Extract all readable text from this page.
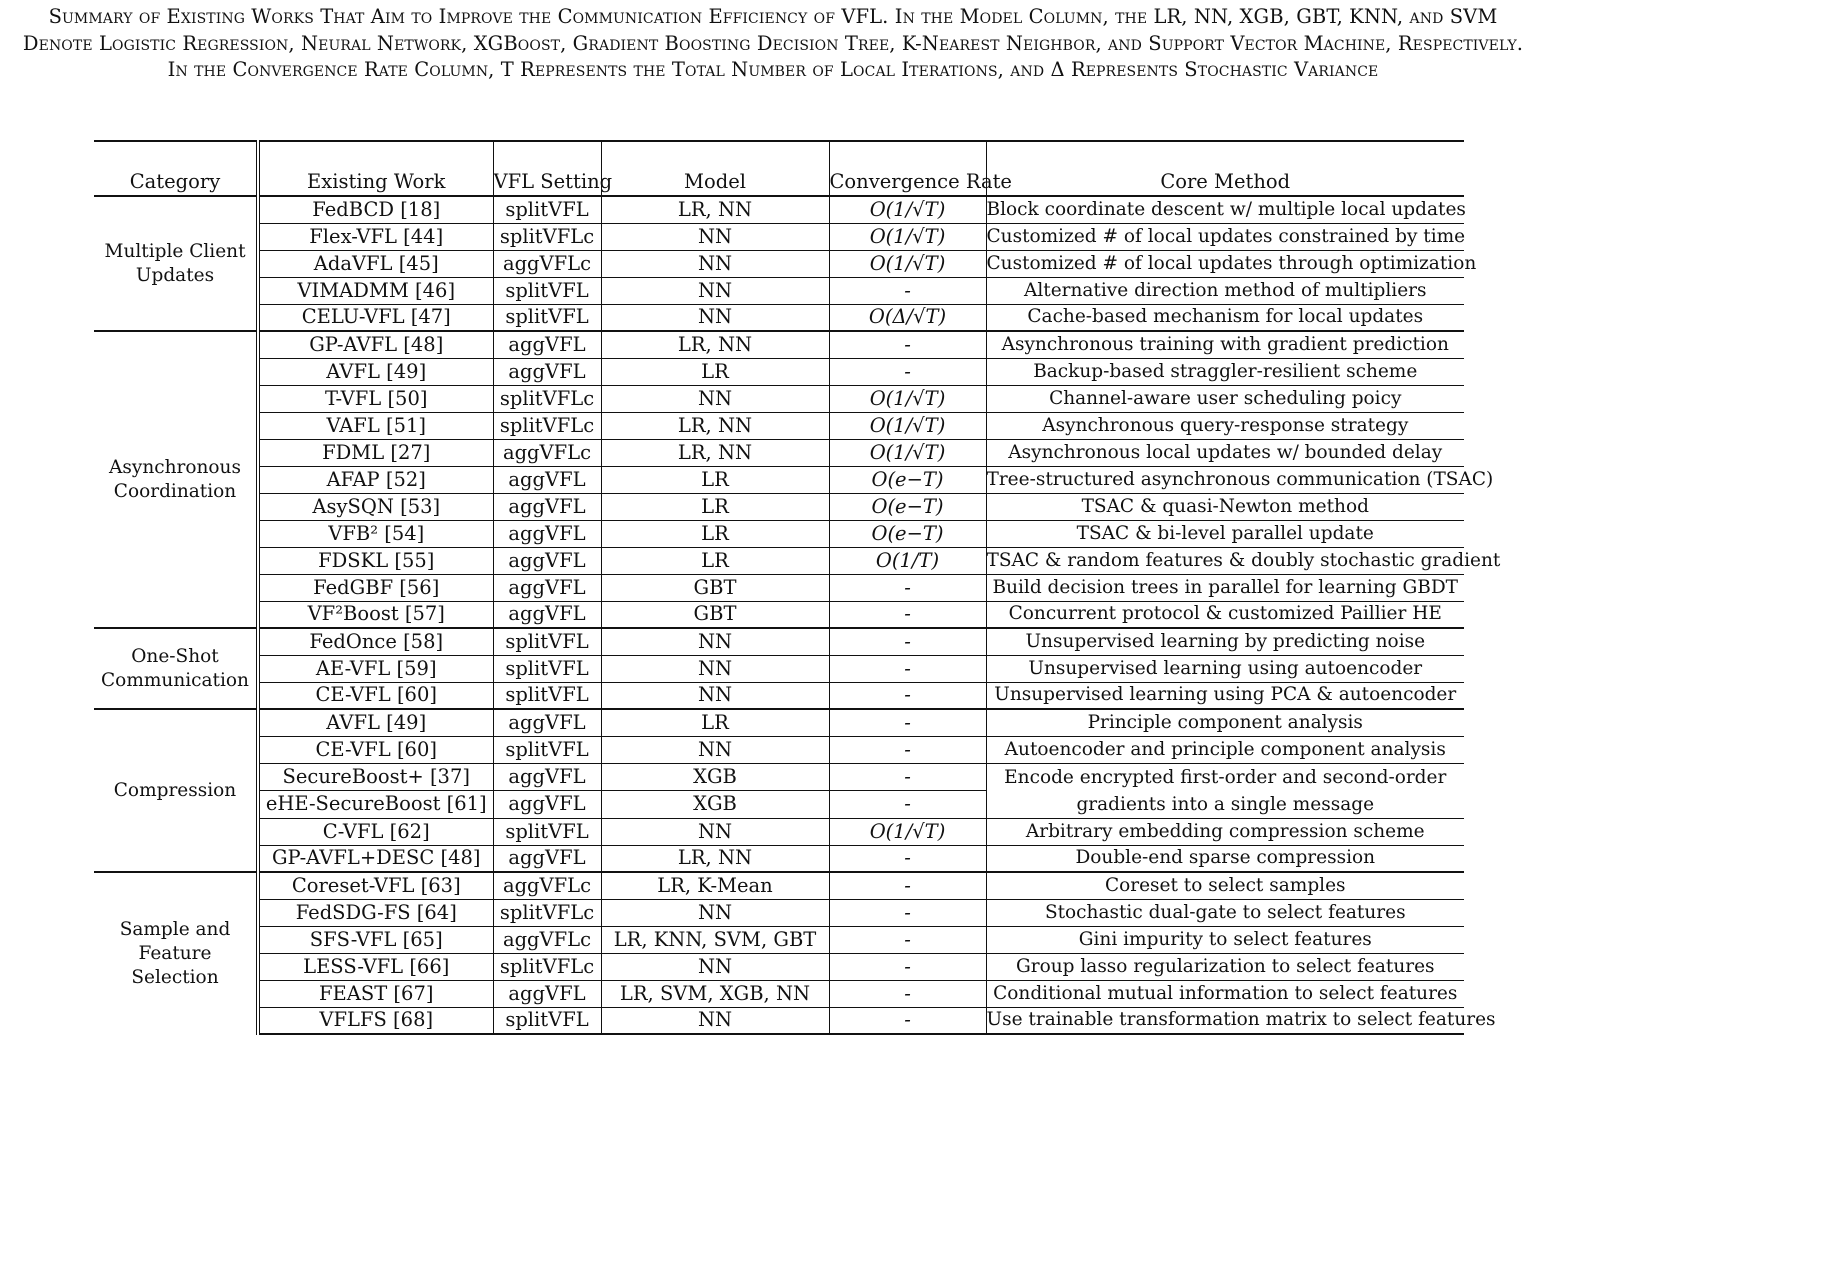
Summary of Existing Works That Aim to Improve the Communication Efficiency of VFL. In the Model Column, the LR, NN, XGB, GBT, KNN, and SVM Denote Logistic Regression, Neural Network, XGBoost, Gradient Boosting Decision Tree, K-Nearest Neighbor, and Support Vector Machine, Respectively. In the Convergence Rate Column, T Represents the Total Number of Local Iterations, and Δ Represents Stochastic Variance
Category	Existing Work	VFL Setting	Model	Convergence Rate	Core Method
Multiple Client Updates	FedBCD [18]	splitVFL	LR, NN	O(1/√T)	Block coordinate descent w/ multiple local updates
	Flex-VFL [44]	splitVFLc	NN	O(1/√T)	Customized # of local updates constrained by time
	AdaVFL [45]	aggVFLc	NN	O(1/√T)	Customized # of local updates through optimization
	VIMADMM [46]	splitVFL	NN	-	Alternative direction method of multipliers
	CELU-VFL [47]	splitVFL	NN	O(Δ/√T)	Cache-based mechanism for local updates
Asynchronous Coordination	GP-AVFL [48]	aggVFL	LR, NN	-	Asynchronous training with gradient prediction
	AVFL [49]	aggVFL	LR	-	Backup-based straggler-resilient scheme
	T-VFL [50]	splitVFLc	NN	O(1/√T)	Channel-aware user scheduling poicy
	VAFL [51]	splitVFLc	LR, NN	O(1/√T)	Asynchronous query-response strategy
	FDML [27]	aggVFLc	LR, NN	O(1/√T)	Asynchronous local updates w/ bounded delay
	AFAP [52]	aggVFL	LR	O(e−T)	Tree-structured asynchronous communication (TSAC)
	AsySQN [53]	aggVFL	LR	O(e−T)	TSAC & quasi-Newton method
	VFB² [54]	aggVFL	LR	O(e−T)	TSAC & bi-level parallel update
	FDSKL [55]	aggVFL	LR	O(1/T)	TSAC & random features & doubly stochastic gradient
	FedGBF [56]	aggVFL	GBT	-	Build decision trees in parallel for learning GBDT
	VF²Boost [57]	aggVFL	GBT	-	Concurrent protocol & customized Paillier HE
One-Shot Communication	FedOnce [58]	splitVFL	NN	-	Unsupervised learning by predicting noise
	AE-VFL [59]	splitVFL	NN	-	Unsupervised learning using autoencoder
	CE-VFL [60]	splitVFL	NN	-	Unsupervised learning using PCA & autoencoder
Compression	AVFL [49]	aggVFL	LR	-	Principle component analysis
	CE-VFL [60]	splitVFL	NN	-	Autoencoder and principle component analysis
	SecureBoost+ [37]	aggVFL	XGB	-	Encode encrypted first-order and second-order gradients into a single message
	eHE-SecureBoost [61]	aggVFL	XGB	-	
	C-VFL [62]	splitVFL	NN	O(1/√T)	Arbitrary embedding compression scheme
	GP-AVFL+DESC [48]	aggVFL	LR, NN	-	Double-end sparse compression
Sample and Feature Selection	Coreset-VFL [63]	aggVFLc	LR, K-Mean	-	Coreset to select samples
	FedSDG-FS [64]	splitVFLc	NN	-	Stochastic dual-gate to select features
	SFS-VFL [65]	aggVFLc	LR, KNN, SVM, GBT	-	Gini impurity to select features
	LESS-VFL [66]	splitVFLc	NN	-	Group lasso regularization to select features
	FEAST [67]	aggVFL	LR, SVM, XGB, NN	-	Conditional mutual information to select features
	VFLFS [68]	splitVFL	NN	-	Use trainable transformation matrix to select features
